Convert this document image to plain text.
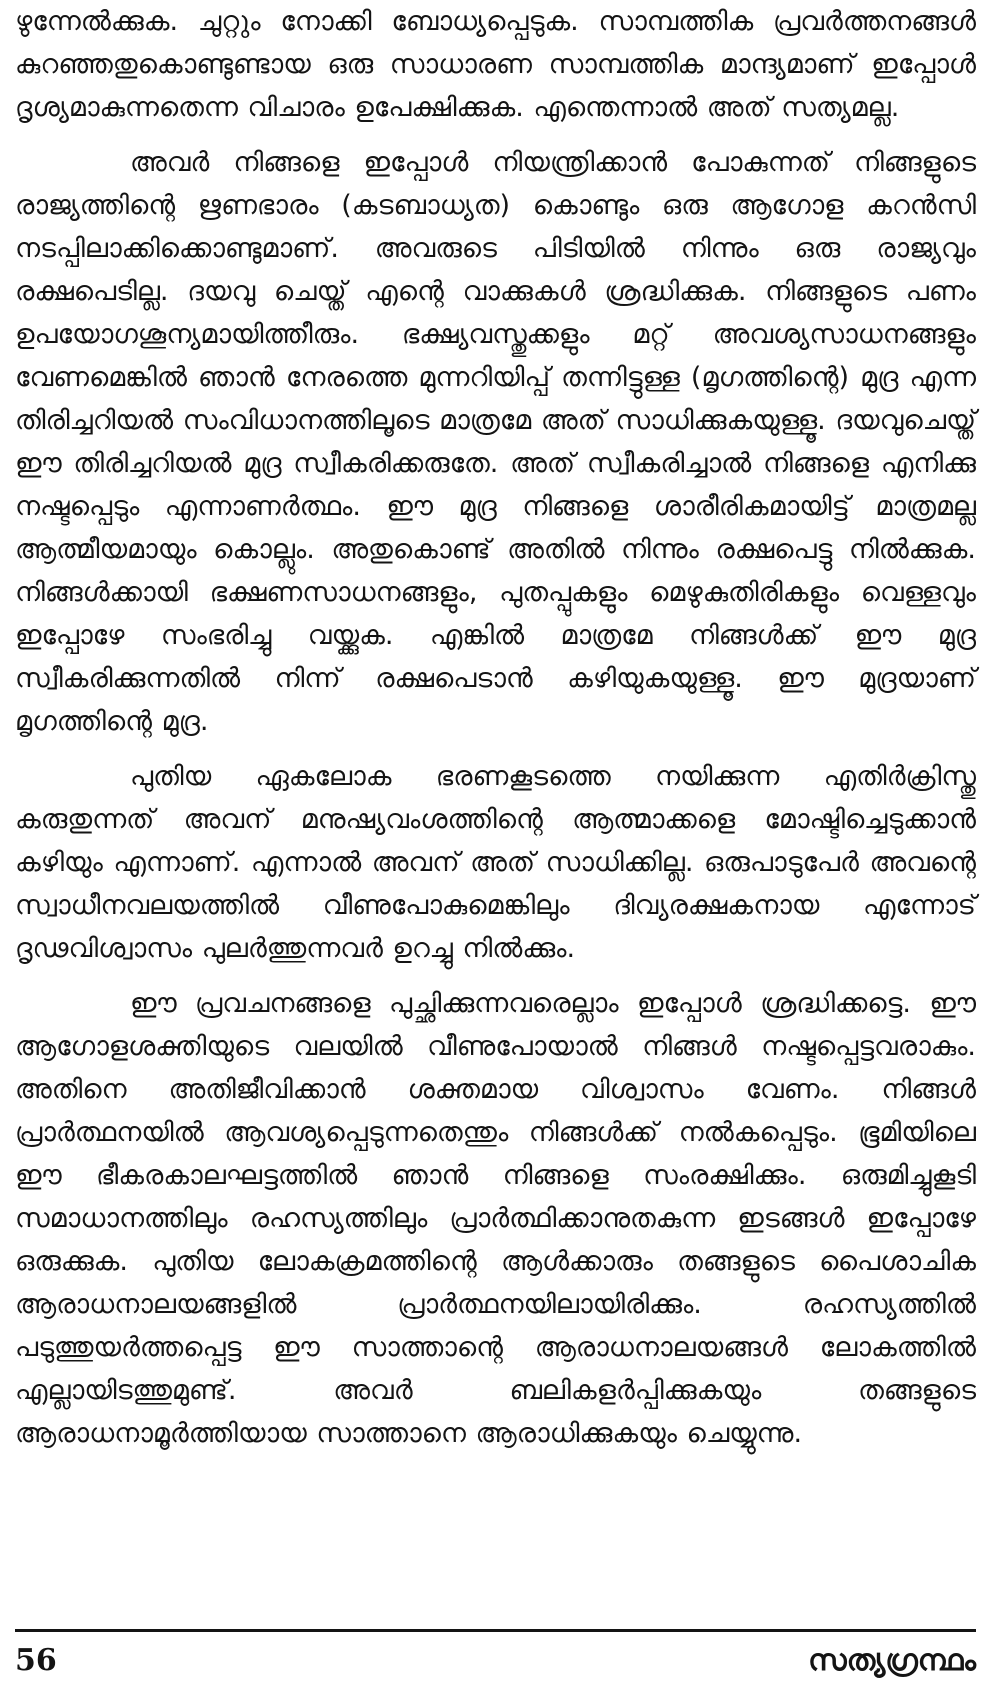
ഴുന്നേൽക്കുക. ചുറ്റും നോക്കി ബോധ്യപ്പെടുക. സാമ്പത്തിക പ്രവർത്തനങ്ങൾ കുറഞ്ഞതുകൊണ്ടുണ്ടായ ഒരു സാധാരണ സാമ്പത്തിക മാന്ദ്യമാണ് ഇപ്പോൾ ദൃശ്യമാകുന്നതെന്ന വിചാരം ഉപേക്ഷിക്കുക. എന്തെന്നാൽ അത് സത്യമല്ല.

അവർ നിങ്ങളെ ഇപ്പോൾ നിയന്ത്രിക്കാൻ പോകുന്നത് നിങ്ങളുടെ രാജ്യത്തിന്റെ ഋണഭാരം (കടബാധ്യത) കൊണ്ടും ഒരു ആഗോള കറൻസി നടപ്പിലാക്കിക്കൊണ്ടുമാണ്. അവരുടെ പിടിയിൽ നിന്നും ഒരു രാജ്യവും രക്ഷപെടില്ല. ദയവു ചെയ്ത് എന്റെ വാക്കുകൾ ശ്രദ്ധിക്കുക. നിങ്ങളുടെ പണം ഉപയോഗശൂന്യമായിത്തീരും. ഭക്ഷ്യവസ്തുക്കളും മറ്റ് അവശ്യസാധനങ്ങളും വേണമെങ്കിൽ ഞാൻ നേരത്തെ മുന്നറിയിപ്പ് തന്നിട്ടുള്ള (മൃഗത്തിന്റെ) മുദ്ര എന്ന തിരിച്ചറിയൽ സംവിധാനത്തിലൂടെ മാത്രമേ അത് സാധിക്കുകയുള്ളൂ. ദയവുചെയ്ത് ഈ തിരിച്ചറിയൽ മുദ്ര സ്വീകരിക്കരുതേ. അത് സ്വീകരിച്ചാൽ നിങ്ങളെ എനിക്കു നഷ്ടപ്പെടും എന്നാണർത്ഥം. ഈ മുദ്ര നിങ്ങളെ ശാരീരികമായിട്ട് മാത്രമല്ല ആത്മീയമായും കൊല്ലും. അതുകൊണ്ട് അതിൽ നിന്നും രക്ഷപെട്ടു നിൽക്കുക. നിങ്ങൾക്കായി ഭക്ഷണസാധനങ്ങളും, പുതപ്പുകളും മെഴുകുതിരികളും വെള്ളവും ഇപ്പോഴേ സംഭരിച്ചു വയ്ക്കുക. എങ്കിൽ മാത്രമേ നിങ്ങൾക്ക് ഈ മുദ്ര സ്വീകരിക്കുന്നതിൽ നിന്ന് രക്ഷപെടാൻ കഴിയുകയുള്ളൂ. ഈ മുദ്രയാണ് മൃഗത്തിന്റെ മുദ്ര.

പുതിയ ഏകലോക ഭരണകൂടത്തെ നയിക്കുന്ന എതിർക്രിസ്തു കരുതുന്നത് അവന് മനുഷ്യവംശത്തിന്റെ ആത്മാക്കളെ മോഷ്ടിച്ചെടുക്കാൻ കഴിയും എന്നാണ്. എന്നാൽ അവന് അത് സാധിക്കില്ല. ഒരുപാടുപേർ അവന്റെ സ്വാധീനവലയത്തിൽ വീണുപോകുമെങ്കിലും ദിവ്യരക്ഷകനായ എന്നോട് ദൃഢവിശ്വാസം പുലർത്തുന്നവർ ഉറച്ചു നിൽക്കും.

ഈ പ്രവചനങ്ങളെ പുച്ഛിക്കുന്നവരെല്ലാം ഇപ്പോൾ ശ്രദ്ധിക്കട്ടെ. ഈ ആഗോളശക്തിയുടെ വലയിൽ വീണുപോയാൽ നിങ്ങൾ നഷ്ടപ്പെട്ടവരാകും. അതിനെ അതിജീവിക്കാൻ ശക്തമായ വിശ്വാസം വേണം. നിങ്ങൾ പ്രാർത്ഥനയിൽ ആവശ്യപ്പെടുന്നതെന്തും നിങ്ങൾക്ക് നൽകപ്പെടും. ഭൂമിയിലെ ഈ ഭീകരകാലഘട്ടത്തിൽ ഞാൻ നിങ്ങളെ സംരക്ഷിക്കും. ഒരുമിച്ചുകൂടി സമാധാനത്തിലും രഹസ്യത്തിലും പ്രാർത്ഥിക്കാനുതകുന്ന ഇടങ്ങൾ ഇപ്പോഴേ ഒരുക്കുക. പുതിയ ലോകക്രമത്തിന്റെ ആൾക്കാരും തങ്ങളുടെ പൈശാചിക ആരാധനാലയങ്ങളിൽ പ്രാർത്ഥനയിലായിരിക്കും. രഹസ്യത്തിൽ പടുത്തുയർത്തപ്പെട്ട ഈ സാത്താന്റെ ആരാധനാലയങ്ങൾ ലോകത്തിൽ എല്ലായിടത്തുമുണ്ട്. അവർ ബലികളർപ്പിക്കുകയും തങ്ങളുടെ ആരാധനാമൂർത്തിയായ സാത്താനെ ആരാധിക്കുകയും ചെയ്യുന്നു.

56	സത്യഗ്രന്ഥം
